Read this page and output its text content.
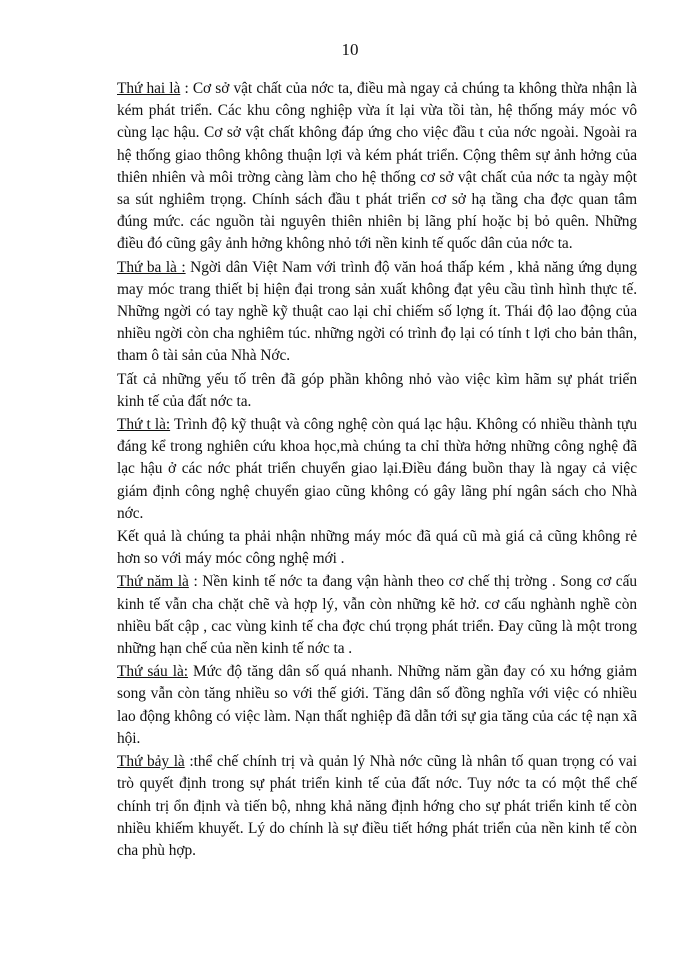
10

Thứ hai là : Cơ sở vật chất của nớc ta, điều mà ngay cả chúng ta không thừa nhận là kém phát triển. Các khu công nghiệp vừa ít lại vừa tồi tàn, hệ thống máy móc vô cùng lạc hậu. Cơ sở vật chất không đáp ứng cho việc đầu t của nớc ngoài. Ngoài ra hệ thống giao thông không thuận lợi và kém phát triển. Cộng thêm sự ảnh hởng của thiên nhiên và môi trờng càng làm cho hệ thống cơ sở vật chất của nớc ta ngày một sa sút nghiêm trọng. Chính sách đầu t phát triển cơ sở hạ tầng cha đợc quan tâm đúng mức. các nguồn tài nguyên thiên nhiên bị lãng phí hoặc bị bỏ quên. Những điều đó cũng gây ảnh hởng không nhỏ tới nền kinh tế quốc dân của nớc ta.

Thứ ba là : Ngời dân Việt Nam với trình độ văn hoá thấp kém , khả năng ứng dụng may móc trang thiết bị hiện đại trong sản xuất không đạt yêu cầu tình hình thực tế. Những ngời có tay nghề kỹ thuật cao lại chỉ chiếm số lợng ít. Thái độ lao động của nhiều ngời còn cha nghiêm túc. những ngời có trình đọ lại có tính t lợi cho bản thân, tham ô tài sản của Nhà Nớc.

Tất cả những yếu tố trên đã góp phần không nhỏ vào việc kìm hãm sự phát triển kinh tế của đất nớc ta.

Thứ t là: Trình độ kỹ thuật và công nghệ còn quá lạc hậu. Không có nhiều thành tựu đáng kể trong nghiên cứu khoa học,mà chúng ta chỉ thừa hởng những công nghệ đã lạc hậu ở các nớc phát triển chuyển giao lại.Điều đáng buồn thay là ngay cả việc giám định công nghệ chuyển giao cũng không có gây lãng phí ngân sách cho Nhà nớc.

Kết quả là chúng ta phải nhận những máy móc đã quá cũ mà giá cả cũng không rẻ hơn so với máy móc công nghệ mới .

Thứ năm là : Nền kinh tế nớc ta đang vận hành theo cơ chế thị trờng . Song cơ cấu kinh tế vẫn cha chặt chẽ và hợp lý, vẫn còn những kẽ hở. cơ cấu nghành nghề còn nhiều bất cập , cac vùng kinh tế cha đợc chú trọng phát triển. Đay cũng là một trong những hạn chế của nền kinh tế nớc ta .

Thứ sáu là: Mức độ tăng dân số quá nhanh. Những năm gần đay có xu hớng giảm song vẫn còn tăng nhiều so với thế giới. Tăng dân số đồng nghĩa với việc có nhiều lao động không có việc làm. Nạn thất nghiệp đã dẫn tới sự gia tăng của các tệ nạn xã hội.

Thứ bảy là :thể chế chính trị và quản lý Nhà nớc cũng là nhân tố quan trọng có vai trò quyết định trong sự phát triển kinh tế của đất nớc. Tuy nớc ta có một thể chế chính trị ổn định và tiến bộ, nhng khả năng định hớng cho sự phát triển kinh tế còn nhiều khiếm khuyết. Lý do chính là sự điều tiết hớng phát triển của nền kinh tế còn cha phù hợp.
